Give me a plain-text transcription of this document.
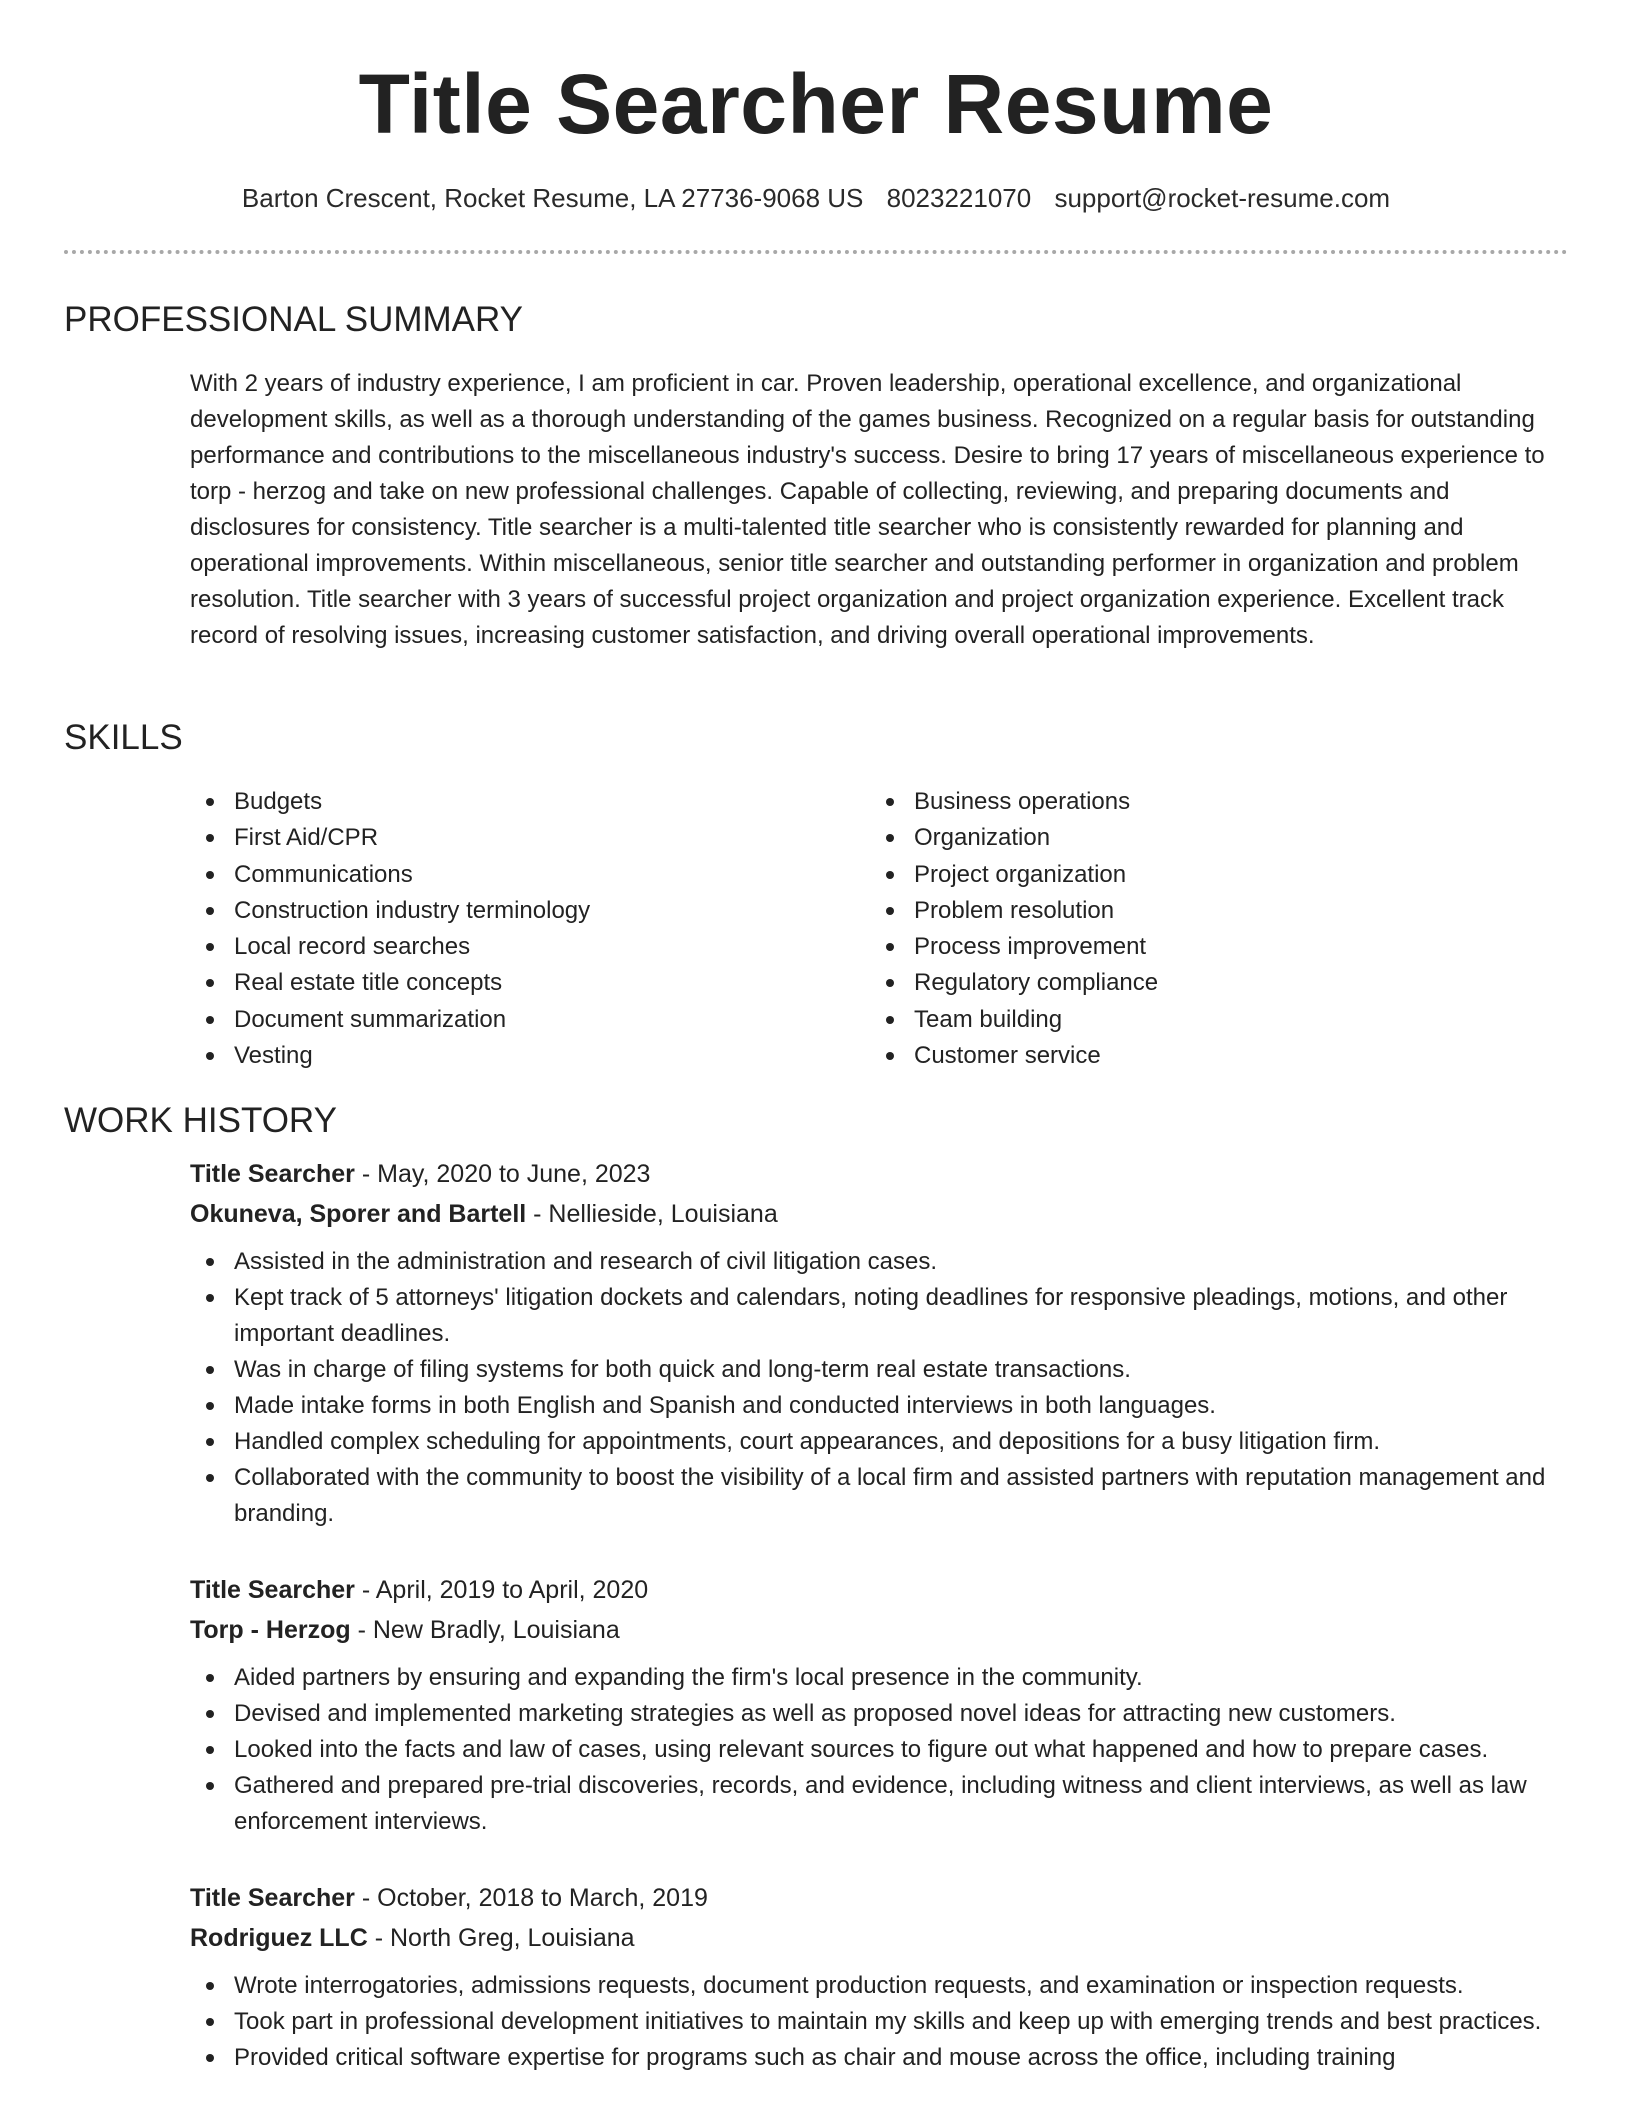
Title Searcher Resume
Barton Crescent, Rocket Resume, LA 27736-9068 US 8023221070 support@rocket-resume.com
PROFESSIONAL SUMMARY

With 2 years of industry experience, I am proficient in car. Proven leadership, operational excellence, and organizational development skills, as well as a thorough understanding of the games business. Recognized on a regular basis for outstanding performance and contributions to the miscellaneous industry's success. Desire to bring 17 years of miscellaneous experience to torp - herzog and take on new professional challenges. Capable of collecting, reviewing, and preparing documents and disclosures for consistency. Title searcher is a multi-talented title searcher who is consistently rewarded for planning and operational improvements. Within miscellaneous, senior title searcher and outstanding performer in organization and problem resolution. Title searcher with 3 years of successful project organization and project organization experience. Excellent track record of resolving issues, increasing customer satisfaction, and driving overall operational improvements.

SKILLS
Budgets
First Aid/CPR
Communications
Construction industry terminology
Local record searches
Real estate title concepts
Document summarization
Vesting
Business operations
Organization
Project organization
Problem resolution
Process improvement
Regulatory compliance
Team building
Customer service
WORK HISTORY

Title Searcher - May, 2020 to June, 2023

Okuneva, Sporer and Bartell - Nellieside, Louisiana

Assisted in the administration and research of civil litigation cases.
Kept track of 5 attorneys' litigation dockets and calendars, noting deadlines for responsive pleadings, motions, and other important deadlines.
Was in charge of filing systems for both quick and long-term real estate transactions.
Made intake forms in both English and Spanish and conducted interviews in both languages.
Handled complex scheduling for appointments, court appearances, and depositions for a busy litigation firm.
Collaborated with the community to boost the visibility of a local firm and assisted partners with reputation management and branding.

Title Searcher - April, 2019 to April, 2020

Torp - Herzog - New Bradly, Louisiana

Aided partners by ensuring and expanding the firm's local presence in the community.
Devised and implemented marketing strategies as well as proposed novel ideas for attracting new customers.
Looked into the facts and law of cases, using relevant sources to figure out what happened and how to prepare cases.
Gathered and prepared pre-trial discoveries, records, and evidence, including witness and client interviews, as well as law enforcement interviews.

Title Searcher - October, 2018 to March, 2019

Rodriguez LLC - North Greg, Louisiana

Wrote interrogatories, admissions requests, document production requests, and examination or inspection requests.
Took part in professional development initiatives to maintain my skills and keep up with emerging trends and best practices.
Provided critical software expertise for programs such as chair and mouse across the office, including training
